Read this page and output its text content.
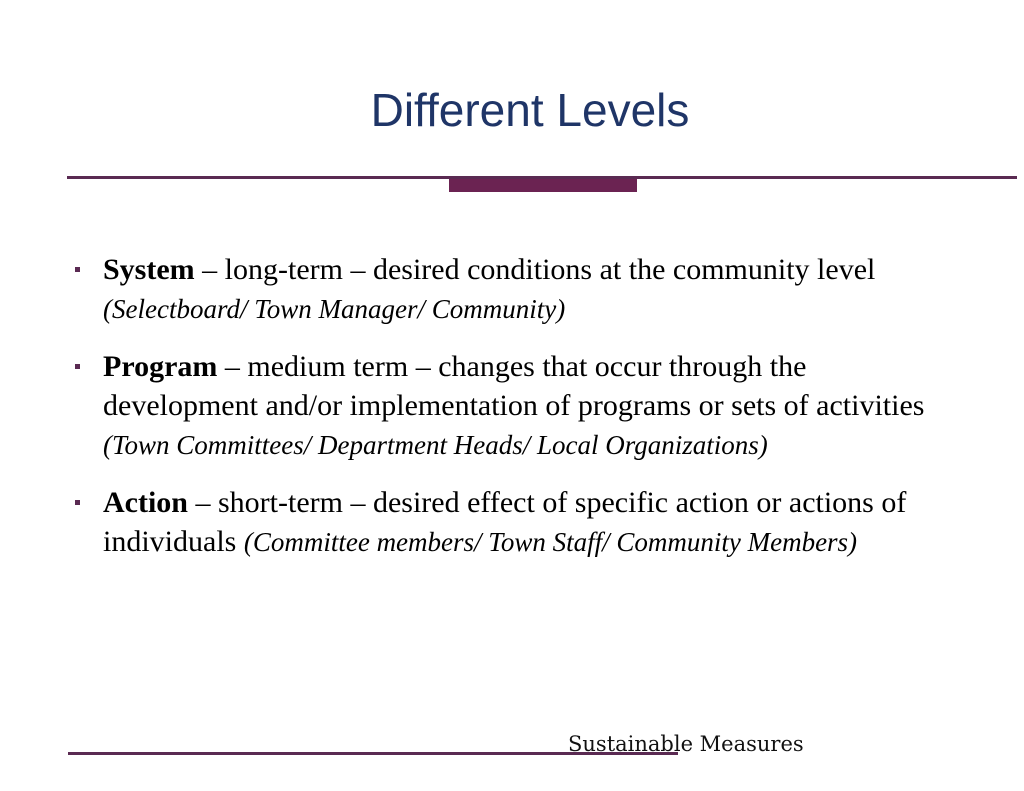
Different Levels
System – long-term – desired conditions at the community level (Selectboard/ Town Manager/ Community)
Program – medium term – changes that occur through the development and/or implementation of programs or sets of activities (Town Committees/ Department Heads/ Local Organizations)
Action – short-term – desired effect of specific action or actions of individuals (Committee members/ Town Staff/ Community Members)
Sustainable Measures
